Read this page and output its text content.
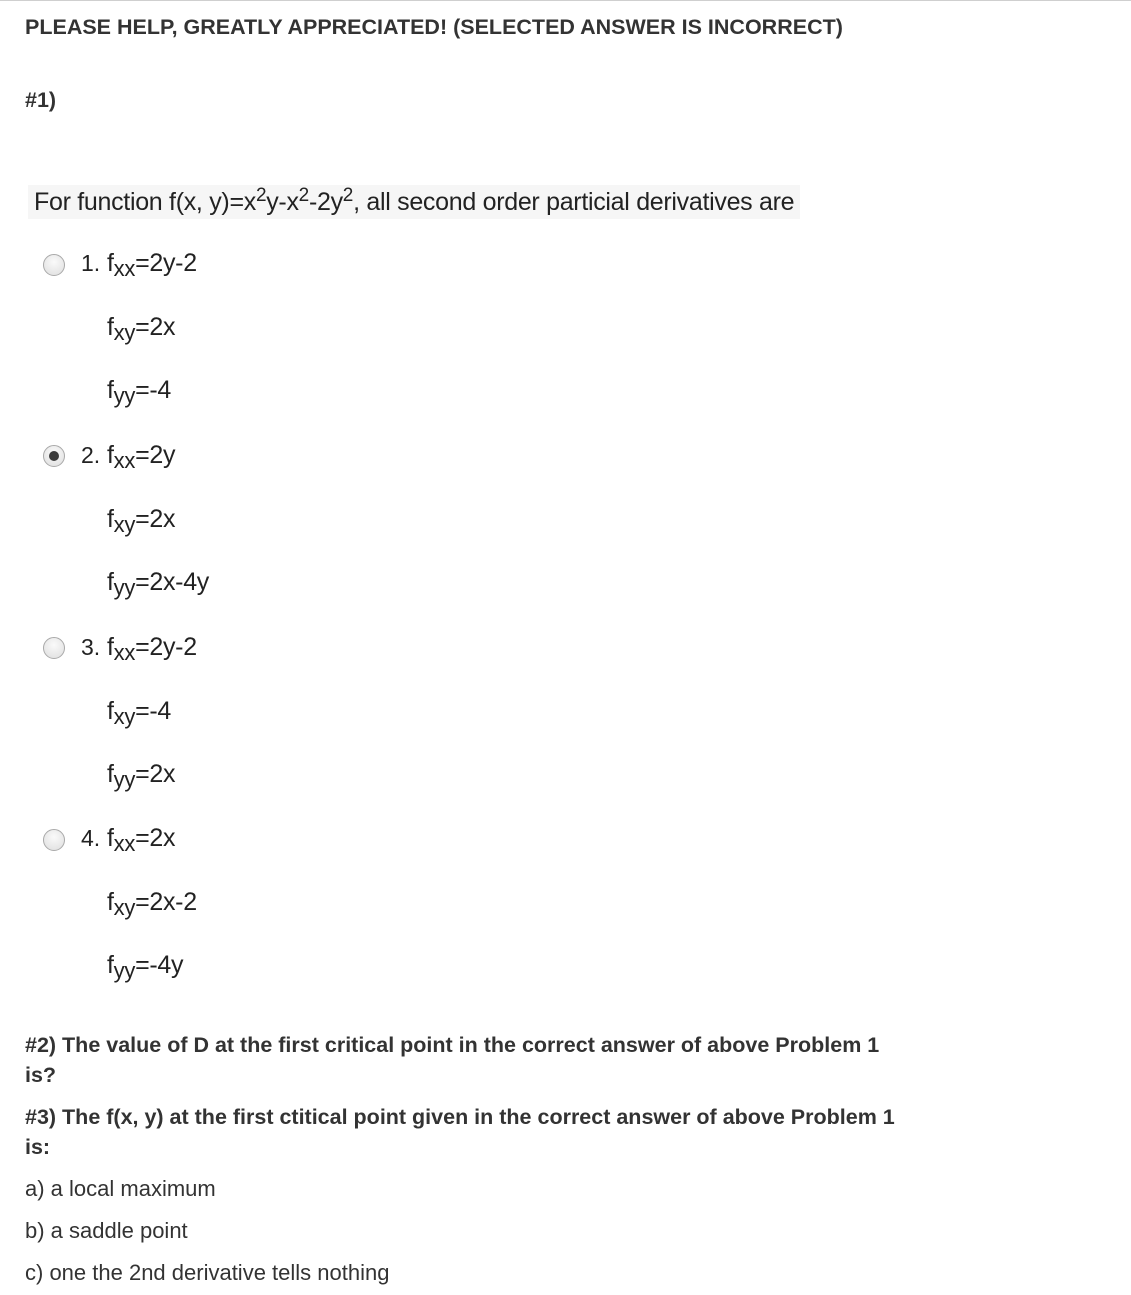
PLEASE HELP, GREATLY APPRECIATED! (SELECTED ANSWER IS INCORRECT)
#1)
For function f(x, $y)=x^2y-x^2-2y^2$, all second order particial derivatives are
1. $f_{xx}=2y-2$
$f_{xy}=2x$
$f_{yy}=-4$
2. $f_{xx}=2y$
$f_{xy}=2x$
$f_{yy}=2x-4y$
3. $f_{xx}=2y-2$
$f_{xy}=-4$
$f_{yy}=2x$
4. $f_{xx}=2x$
$f_{xy}=2x-2$
$f_{yy}=-4y$
#2) The value of D at the first critical point in the correct answer of above Problem 1 is?
#3) The f(x, y) at the first ctitical point given in the correct answer of above Problem 1 is:

a) a local maximum

b) a saddle point

c) one the 2nd derivative tells nothing
